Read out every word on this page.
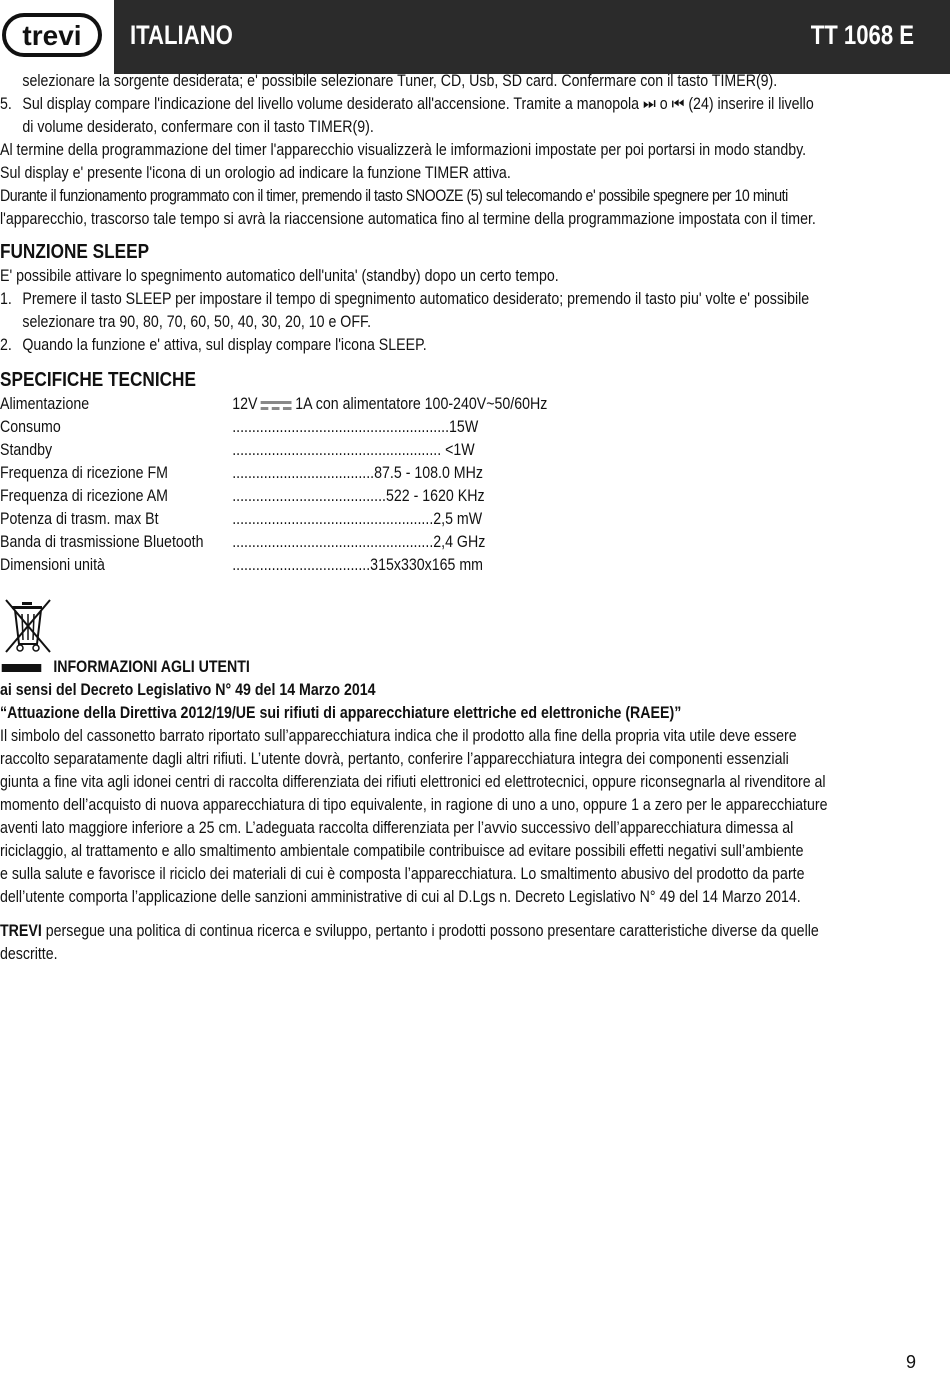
trevi ITALIANO	TT 1068 E

selezionare la sorgente desiderata; e' possibile selezionare Tuner, CD, Usb, SD card. Confermare con il tasto TIMER(9).

5. Sul display compare l'indicazione del livello volume desiderato all'accensione. Tramite a manopola ⏭ o ⏮ (24) inserire il livello

di volume desiderato, confermare con il tasto TIMER(9).

Al termine della programmazione del timer l'apparecchio visualizzerà le imformazioni impostate per poi portarsi in modo standby.

Sul display e' presente l'icona di un orologio ad indicare la funzione TIMER attiva.

Durante il funzionamento programmato con il timer, premendo il tasto SNOOZE (5) sul telecomando e' possibile spegnere per 10 minuti

l'apparecchio, trascorso tale tempo si avrà la riaccensione automatica fino al termine della programmazione impostata con il timer.

FUNZIONE SLEEP

E' possibile attivare lo spegnimento automatico dell'unita' (standby) dopo un certo tempo.

1. Premere il tasto SLEEP per impostare il tempo di spegnimento automatico desiderato; premendo il tasto piu' volte e' possibile

selezionare tra 90, 80, 70, 60, 50, 40, 30, 20, 10 e OFF.

2. Quando la funzione e' attiva, sul display compare l'icona SLEEP.

SPECIFICHE TECNICHE

Alimentazione	12V 1A con alimentatore 100-240V~50/60Hz
Consumo	.......................................................15W
Standby	..................................................... <1W
Frequenza di ricezione FM	....................................87.5 - 108.0 MHz
Frequenza di ricezione AM	.......................................522 - 1620 KHz
Potenza di trasm. max Bt	...................................................2,5 mW
Banda di trasmissione Bluetooth	...................................................2,4 GHz
Dimensioni unità	...................................315x330x165 mm

INFORMAZIONI AGLI UTENTI

ai sensi del Decreto Legislativo N° 49 del 14 Marzo 2014

“Attuazione della Direttiva 2012/19/UE sui rifiuti di apparecchiature elettriche ed elettroniche (RAEE)”

Il simbolo del cassonetto barrato riportato sull’apparecchiatura indica che il prodotto alla fine della propria vita utile deve essere

raccolto separatamente dagli altri rifiuti. L’utente dovrà, pertanto, conferire l’apparecchiatura integra dei componenti essenziali

giunta a fine vita agli idonei centri di raccolta differenziata dei rifiuti elettronici ed elettrotecnici, oppure riconsegnarla al rivenditore al

momento dell’acquisto di nuova apparecchiatura di tipo equivalente, in ragione di uno a uno, oppure 1 a zero per le apparecchiature

aventi lato maggiore inferiore a 25 cm. L’adeguata raccolta differenziata per l’avvio successivo dell’apparecchiatura dimessa al

riciclaggio, al trattamento e allo smaltimento ambientale compatibile contribuisce ad evitare possibili effetti negativi sull’ambiente

e sulla salute e favorisce il riciclo dei materiali di cui è composta l’apparecchiatura. Lo smaltimento abusivo del prodotto da parte

dell’utente comporta l’applicazione delle sanzioni amministrative di cui al D.Lgs n. Decreto Legislativo N° 49 del 14 Marzo 2014.

TREVI persegue una politica di continua ricerca e sviluppo, pertanto i prodotti possono presentare caratteristiche diverse da quelle

descritte.

9
